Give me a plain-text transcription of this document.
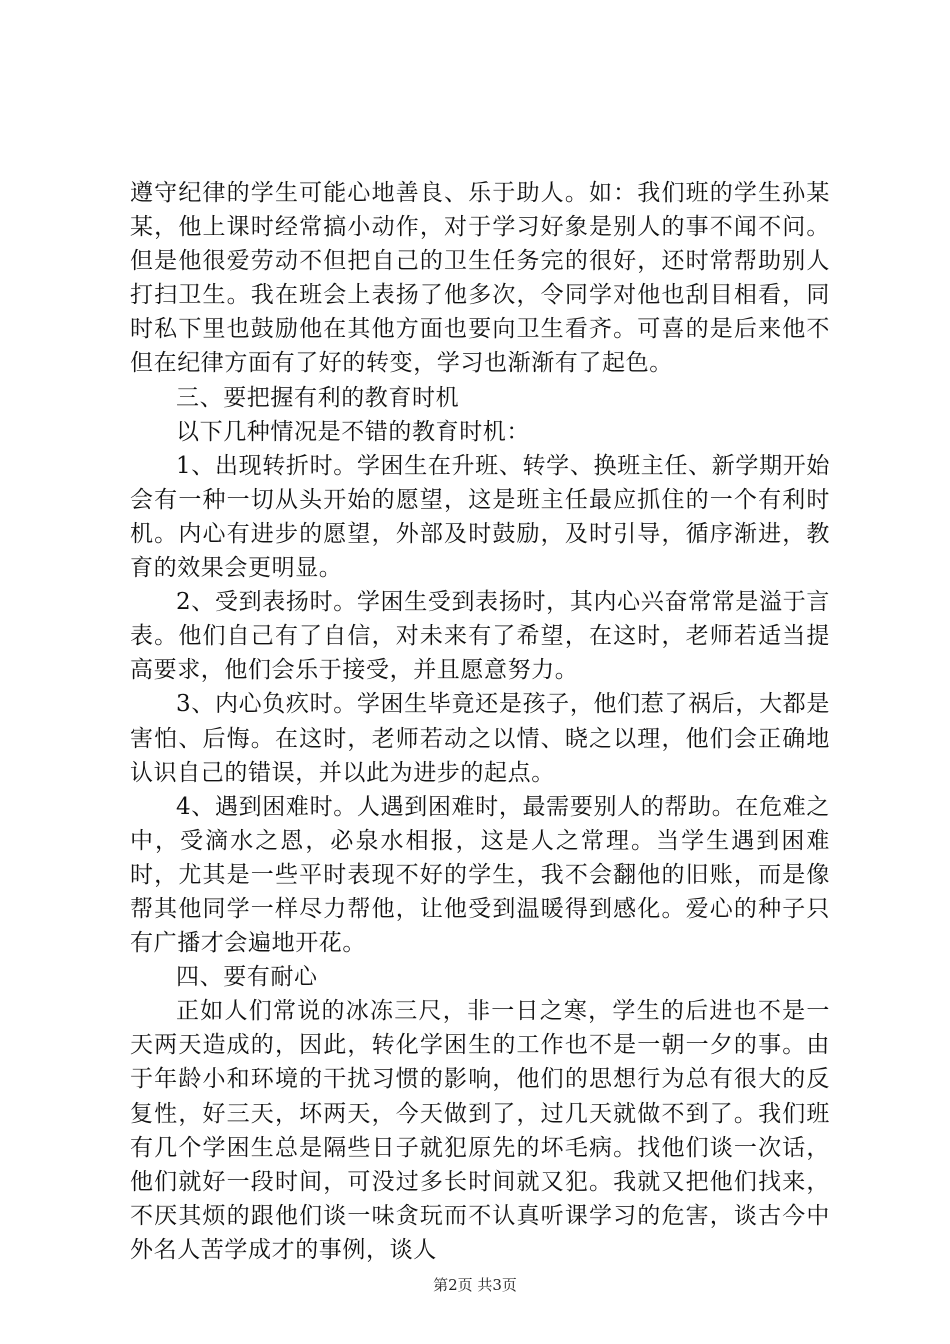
遵守纪律的学生可能心地善良、乐于助人。如：我们班的学生孙某某，他上课时经常搞小动作，对于学习好象是别人的事不闻不问。但是他很爱劳动不但把自己的卫生任务完的很好，还时常帮助别人打扫卫生。我在班会上表扬了他多次，令同学对他也刮目相看，同时私下里也鼓励他在其他方面也要向卫生看齐。可喜的是后来他不但在纪律方面有了好的转变，学习也渐渐有了起色。

三、要把握有利的教育时机

以下几种情况是不错的教育时机：

1、出现转折时。学困生在升班、转学、换班主任、新学期开始会有一种一切从头开始的愿望，这是班主任最应抓住的一个有利时机。内心有进步的愿望，外部及时鼓励，及时引导，循序渐进，教育的效果会更明显。

2、受到表扬时。学困生受到表扬时，其内心兴奋常常是溢于言表。他们自己有了自信，对未来有了希望，在这时，老师若适当提高要求，他们会乐于接受，并且愿意努力。

3、内心负疚时。学困生毕竟还是孩子，他们惹了祸后，大都是害怕、后悔。在这时，老师若动之以情、晓之以理，他们会正确地认识自己的错误，并以此为进步的起点。

4、遇到困难时。人遇到困难时，最需要别人的帮助。在危难之中，受滴水之恩，必泉水相报，这是人之常理。当学生遇到困难时，尤其是一些平时表现不好的学生，我不会翻他的旧账，而是像帮其他同学一样尽力帮他，让他受到温暖得到感化。爱心的种子只有广播才会遍地开花。

四、要有耐心

正如人们常说的冰冻三尺，非一日之寒，学生的后进也不是一天两天造成的，因此，转化学困生的工作也不是一朝一夕的事。由于年龄小和环境的干扰习惯的影响，他们的思想行为总有很大的反复性，好三天，坏两天，今天做到了，过几天就做不到了。我们班有几个学困生总是隔些日子就犯原先的坏毛病。找他们谈一次话，他们就好一段时间，可没过多长时间就又犯。我就又把他们找来，不厌其烦的跟他们谈一味贪玩而不认真听课学习的危害，谈古今中外名人苦学成才的事例，谈人

第2页 共3页
